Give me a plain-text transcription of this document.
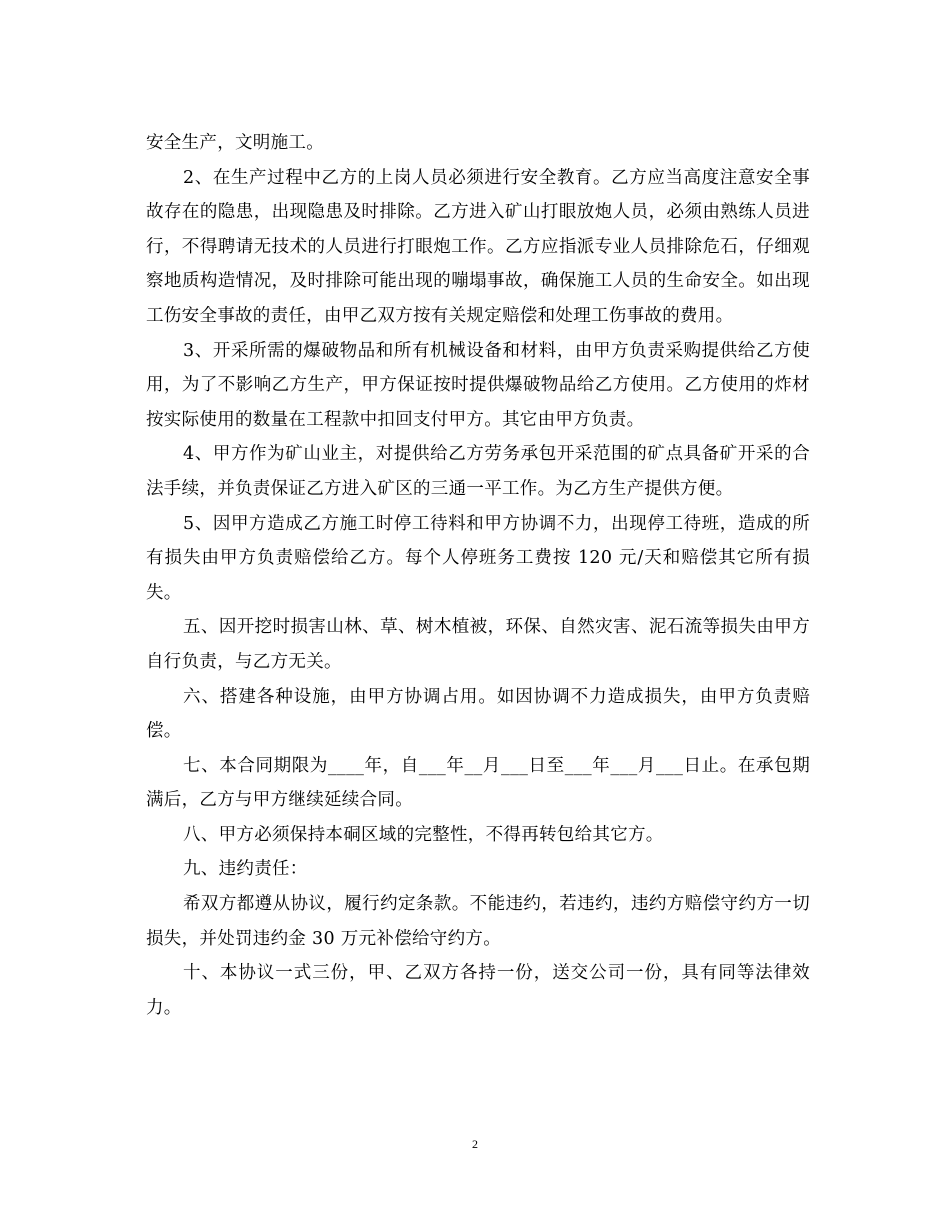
安全生产，文明施工。

2、在生产过程中乙方的上岗人员必须进行安全教育。乙方应当高度注意安全事故存在的隐患，出现隐患及时排除。乙方进入矿山打眼放炮人员，必须由熟练人员进行，不得聘请无技术的人员进行打眼炮工作。乙方应指派专业人员排除危石，仔细观察地质构造情况，及时排除可能出现的嘣塌事故，确保施工人员的生命安全。如出现工伤安全事故的责任，由甲乙双方按有关规定赔偿和处理工伤事故的费用。

3、开采所需的爆破物品和所有机械设备和材料，由甲方负责采购提供给乙方使用，为了不影响乙方生产，甲方保证按时提供爆破物品给乙方使用。乙方使用的炸材按实际使用的数量在工程款中扣回支付甲方。其它由甲方负责。

4、甲方作为矿山业主，对提供给乙方劳务承包开采范围的矿点具备矿开采的合法手续，并负责保证乙方进入矿区的三通一平工作。为乙方生产提供方便。

5、因甲方造成乙方施工时停工待料和甲方协调不力，出现停工待班，造成的所有损失由甲方负责赔偿给乙方。每个人停班务工费按 120 元/天和赔偿其它所有损失。

五、因开挖时损害山林、草、树木植被，环保、自然灾害、泥石流等损失由甲方自行负责，与乙方无关。

六、搭建各种设施，由甲方协调占用。如因协调不力造成损失，由甲方负责赔偿。

七、本合同期限为____年，自___年__月___日至___年___月___日止。在承包期满后，乙方与甲方继续延续合同。

八、甲方必须保持本硐区域的完整性，不得再转包给其它方。

九、违约责任：

希双方都遵从协议，履行约定条款。不能违约，若违约，违约方赔偿守约方一切损失，并处罚违约金 30 万元补偿给守约方。

十、本协议一式三份，甲、乙双方各持一份，送交公司一份，具有同等法律效力。

2
